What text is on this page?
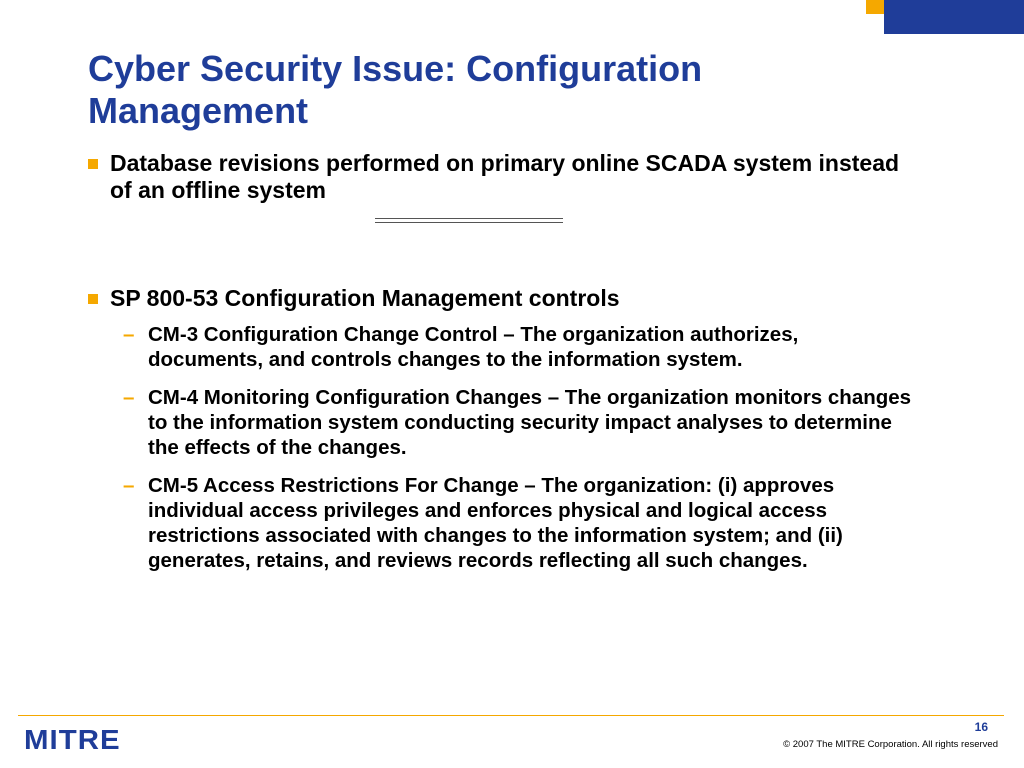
Cyber Security Issue: Configuration Management
Database revisions performed on primary online SCADA system instead of an offline system
SP 800-53 Configuration Management controls
– CM-3 Configuration Change Control – The organization authorizes, documents, and controls changes to the information system.
– CM-4 Monitoring Configuration Changes – The organization monitors changes to the information system conducting security impact analyses to determine the effects of the changes.
– CM-5 Access Restrictions For Change – The organization: (i) approves individual access privileges and enforces physical and logical access restrictions associated with changes to the information system; and (ii) generates, retains, and reviews records reflecting all such changes.
MITRE	16
© 2007 The MITRE Corporation. All rights reserved
